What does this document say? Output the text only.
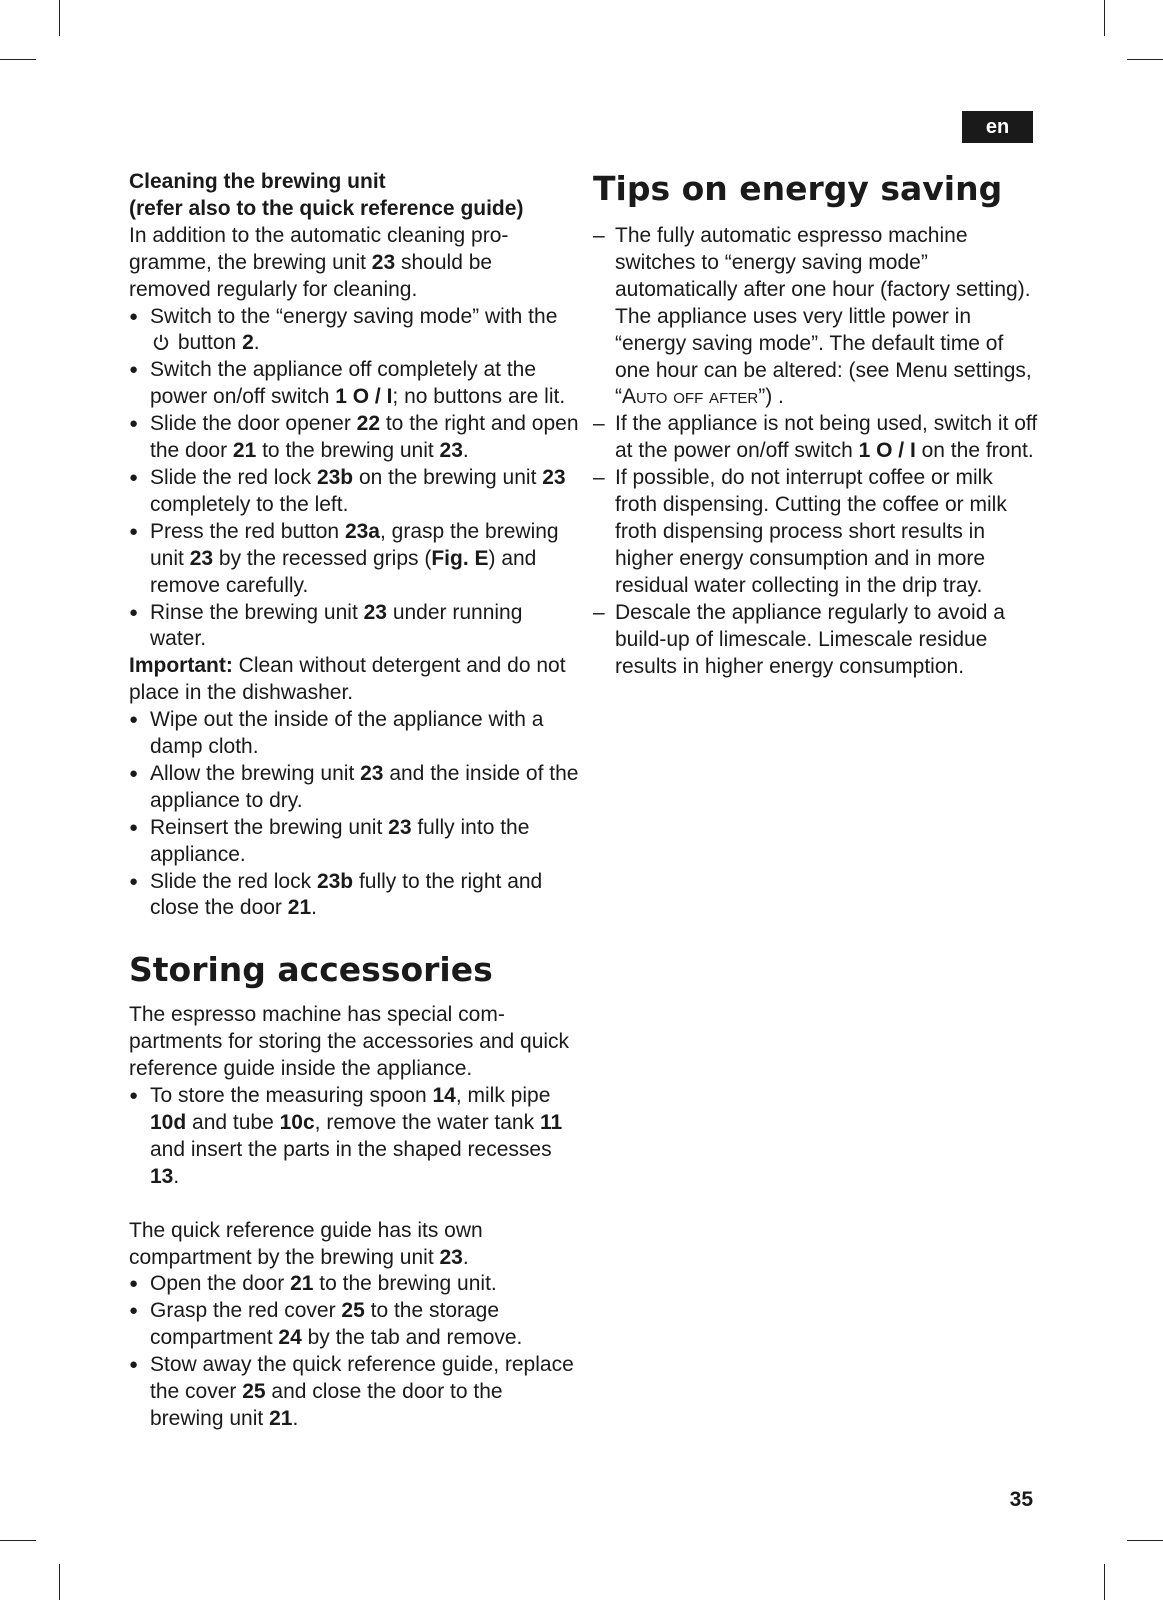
en
Cleaning the brewing unit
(refer also to the quick reference guide)

In addition to the automatic cleaning pro-gramme, the brewing unit 23 should be removed regularly for cleaning.

● Switch to the “energy saving mode” with the  button 2.
● Switch the appliance off completely at the power on/off switch 1 O / I; no buttons are lit.
● Slide the door opener 22 to the right and open the door 21 to the brewing unit 23.
● Slide the red lock 23b on the brewing unit 23 completely to the left.
● Press the red button 23a, grasp the brewing unit 23 by the recessed grips (Fig. E) and remove carefully.
● Rinse the brewing unit 23 under running water.

Important: Clean without detergent and do not place in the dishwasher.

● Wipe out the inside of the appliance with a damp cloth.
● Allow the brewing unit 23 and the inside of the appliance to dry.
● Reinsert the brewing unit 23 fully into the appliance.
● Slide the red lock 23b fully to the right and close the door 21.
Storing accessories

The espresso machine has special com-partments for storing the accessories and quick reference guide inside the appliance.

● To store the measuring spoon 14, milk pipe 10d and tube 10c, remove the water tank 11 and insert the parts in the shaped recesses 13.

The quick reference guide has its own compartment by the brewing unit 23.

● Open the door 21 to the brewing unit.
● Grasp the red cover 25 to the storage compartment 24 by the tab and remove.
● Stow away the quick reference guide, replace the cover 25 and close the door to the brewing unit 21.
Tips on energy saving
– The fully automatic espresso machine switches to “energy saving mode” automatically after one hour (factory setting). The appliance uses very little power in “energy saving mode”. The default time of one hour can be altered: (see Menu settings, “Auto off after”) .
– If the appliance is not being used, switch it off at the power on/off switch 1 O / I on the front.
– If possible, do not interrupt coffee or milk froth dispensing. Cutting the coffee or milk froth dispensing process short results in higher energy consumption and in more residual water collecting in the drip tray.
– Descale the appliance regularly to avoid a build-up of limescale. Limescale residue results in higher energy consumption.
35
